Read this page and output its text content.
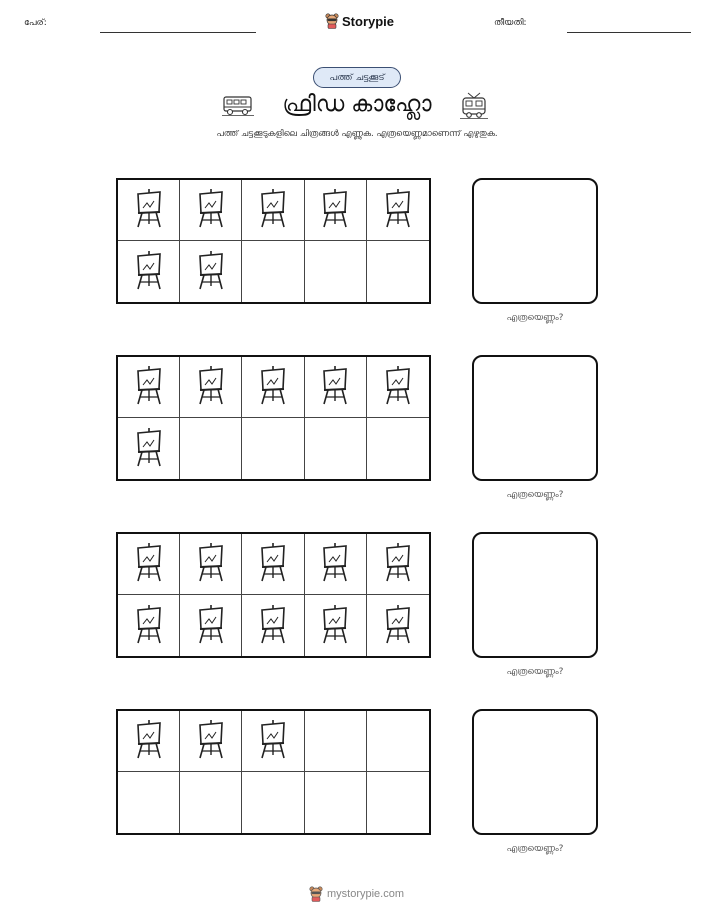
പേര്:	Storypie	തീയതി:
പത്ത് ചട്ടക്കൂട്
ഫ്രിഡ കാഹ്ലോ
പത്ത് ചട്ടക്കൂടുകളിലെ ചിത്രങ്ങൾ എണ്ണുക. എത്രയെണ്ണമാണെന്ന് എഴുതുക.
എത്രയെണ്ണം?
എത്രയെണ്ണം?
എത്രയെണ്ണം?
എത്രയെണ്ണം?
mystorypie.com
